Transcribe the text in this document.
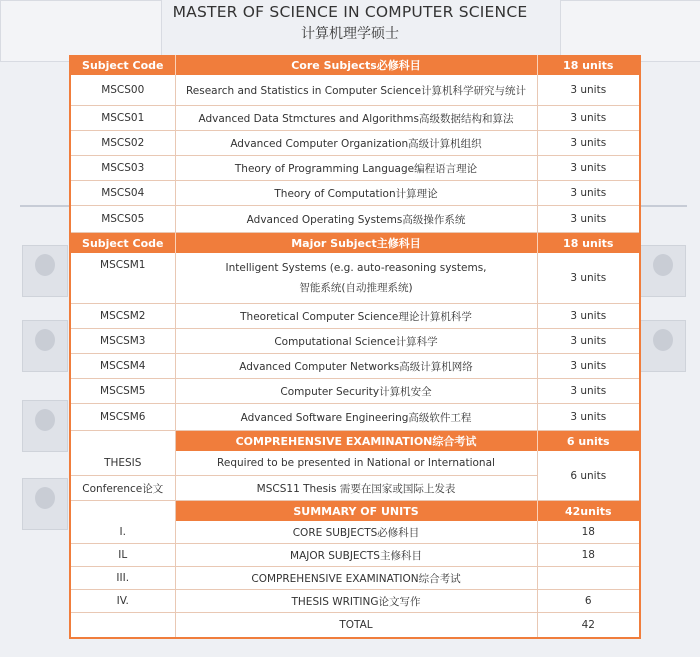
MASTER OF SCIENCE IN COMPUTER SCIENCE
计算机理学硕士
Subject Code	Core Subjects必修科目	18 units
MSCS00	Research and Statistics in Computer Science计算机科学研究与统计	3 units
MSCS01	Advanced Data Stmctures and Algorithms高级数据结构和算法	3 units
MSCS02	Advanced Computer Organization高级计算机组织	3 units
MSCS03	Theory of Programming Language编程语言理论	3 units
MSCS04	Theory of Computation计算理论	3 units
MSCS05	Advanced Operating Systems高级操作系统	3 units
Subject Code	Major Subject主修科目	18 units
MSCSM1	Intelligent Systems (e.g. auto-reasoning systems,
智能系统(自动推理系统)	3 units
MSCSM2	Theoretical Computer Science理论计算机科学	3 units
MSCSM3	Computational Science计算科学	3 units
MSCSM4	Advanced Computer Networks高级计算机网络	3 units
MSCSM5	Computer Security计算机安全	3 units
MSCSM6	Advanced Software Engineering高级软件工程	3 units
	COMPREHENSIVE EXAMINATION综合考试	6 units
THESIS	Required to be presented in National or International	6 units
Conference论文	MSCS11 Thesis 需要在国家或国际上发表	
	SUMMARY OF UNITS	42units
I.	CORE SUBJECTS必修科目	18
IL	MAJOR SUBJECTS主修科目	18
III.	COMPREHENSIVE EXAMINATION综合考试	
IV.	THESIS WRITING论文写作	6
	TOTAL	42
